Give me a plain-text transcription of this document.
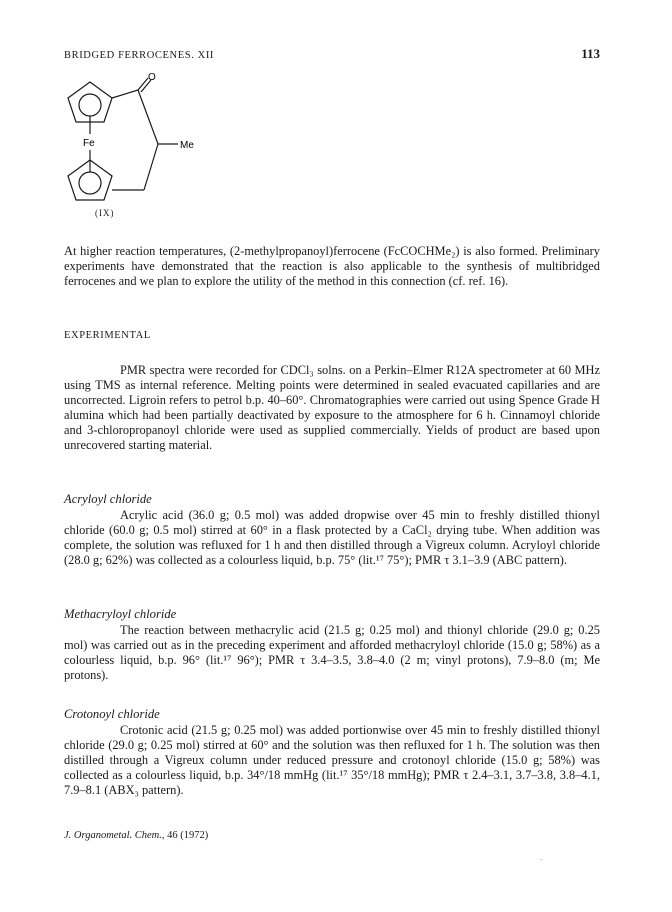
BRIDGED FERROCENES. XII	113
O
Fe	Me
(IX)

At higher reaction temperatures, (2-methylpropanoyl)ferrocene (FcCOCHMe₂) is also formed. Preliminary experiments have demonstrated that the reaction is also applicable to the synthesis of multibridged ferrocenes and we plan to explore the utility of the method in this connection (cf. ref. 16).

EXPERIMENTAL

PMR spectra were recorded for CDCl₃ solns. on a Perkin–Elmer R12A spectrometer at 60 MHz using TMS as internal reference. Melting points were determined in sealed evacuated capillaries and are uncorrected. Ligroin refers to petrol b.p. 40–60°. Chromatographies were carried out using Spence Grade H alumina which had been partially deactivated by exposure to the atmosphere for 6 h. Cinnamoyl chloride and 3-chloropropanoyl chloride were used as supplied commercially. Yields of product are based upon unrecovered starting material.

Acryloyl chloride

Acrylic acid (36.0 g; 0.5 mol) was added dropwise over 45 min to freshly distilled thionyl chloride (60.0 g; 0.5 mol) stirred at 60° in a flask protected by a CaCl₂ drying tube. When addition was complete, the solution was refluxed for 1 h and then distilled through a Vigreux column. Acryloyl chloride (28.0 g; 62%) was collected as a colourless liquid, b.p. 75° (lit.¹⁷ 75°); PMR τ 3.1–3.9 (ABC pattern).

Methacryloyl chloride

The reaction between methacrylic acid (21.5 g; 0.25 mol) and thionyl chloride (29.0 g; 0.25 mol) was carried out as in the preceding experiment and afforded methacryloyl chloride (15.0 g; 58%) as a colourless liquid, b.p. 96° (lit.¹⁷ 96°); PMR τ 3.4–3.5, 3.8–4.0 (2 m; vinyl protons), 7.9–8.0 (m; Me protons).

Crotonoyl chloride

Crotonic acid (21.5 g; 0.25 mol) was added portionwise over 45 min to freshly distilled thionyl chloride (29.0 g; 0.25 mol) stirred at 60° and the solution was then refluxed for 1 h. The solution was then distilled through a Vigreux column under reduced pressure and crotonoyl chloride (15.0 g; 58%) was collected as a colourless liquid, b.p. 34°/18 mmHg (lit.¹⁷ 35°/18 mmHg); PMR τ 2.4–3.1, 3.7–3.8, 3.8–4.1, 7.9–8.1 (ABX₃ pattern).

J. Organometal. Chem., 46 (1972)
-
